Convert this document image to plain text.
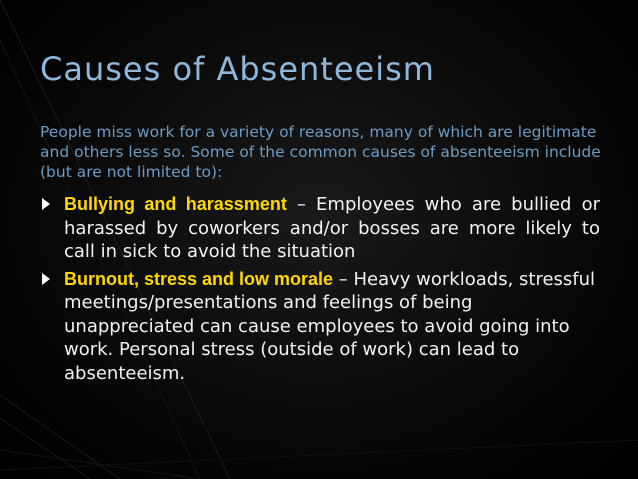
Causes of Absenteeism
People miss work for a variety of reasons, many of which are legitimate and others less so. Some of the common causes of absenteeism include (but are not limited to):
Bullying and harassment – Employees who are bullied or harassed by coworkers and/or bosses are more likely to call in sick to avoid the situation
Burnout, stress and low morale – Heavy workloads, stressful meetings/presentations and feelings of being unappreciated can cause employees to avoid going into work. Personal stress (outside of work) can lead to absenteeism.
